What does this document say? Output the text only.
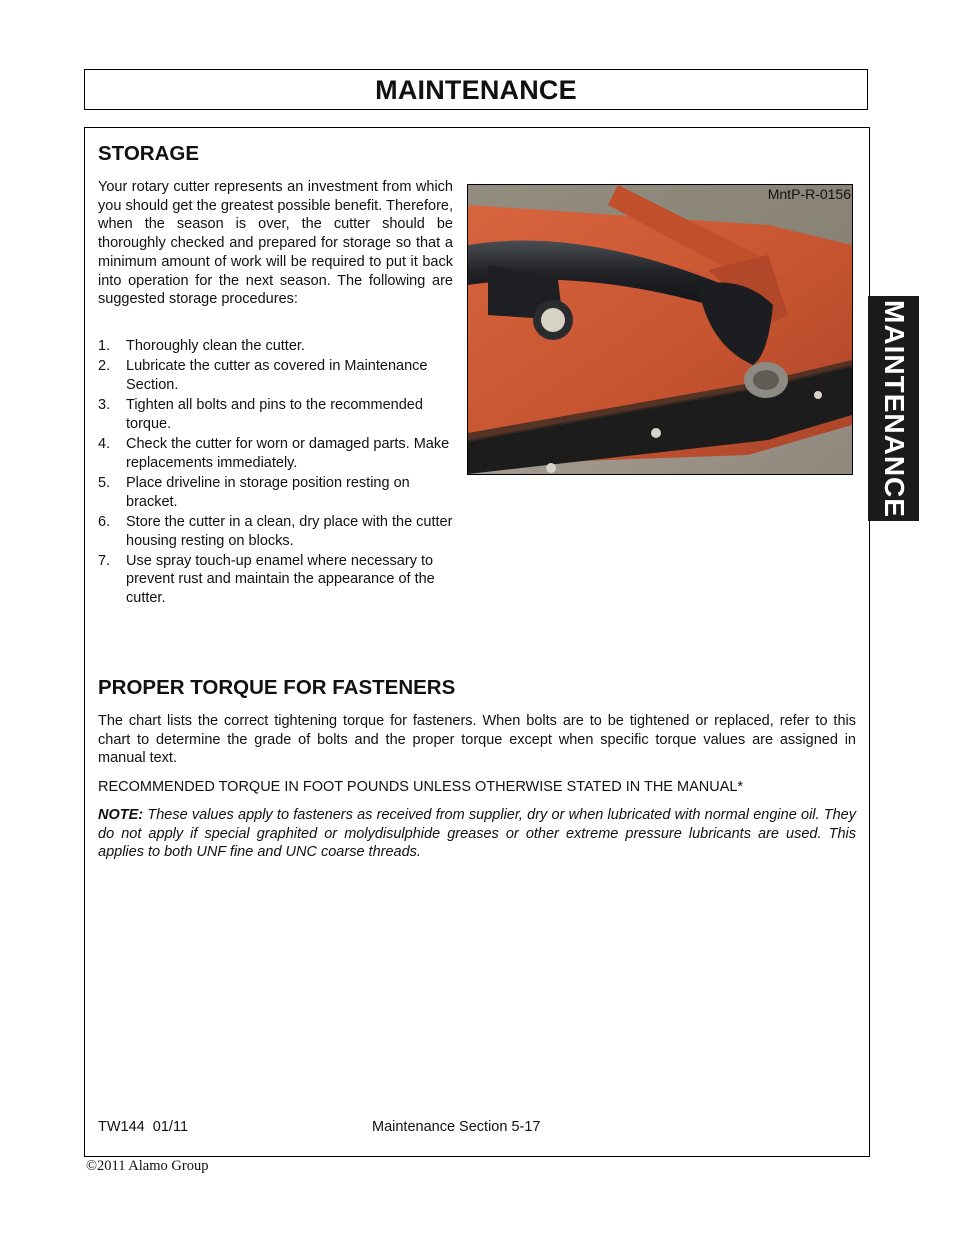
MAINTENANCE
MAINTENANCE
STORAGE

Your rotary cutter represents an investment from which you should get the greatest possible benefit. Therefore, when the season is over, the cutter should be thoroughly checked and prepared for storage so that a minimum amount of work will be required to put it back into operation for the next season. The following are suggested storage procedures:

1. Thoroughly clean the cutter.
2. Lubricate the cutter as covered in Maintenance Section.
3. Tighten all bolts and pins to the recommended torque.
4. Check the cutter for worn or damaged parts. Make replacements immediately.
5. Place driveline in storage position resting on bracket.
6. Store the cutter in a clean, dry place with the cutter housing resting on blocks.
7. Use spray touch-up enamel where necessary to prevent rust and maintain the appearance of the cutter.
MntP-R-0156
PROPER TORQUE FOR FASTENERS

The chart lists the correct tightening torque for fasteners. When bolts are to be tightened or replaced, refer to this chart to determine the grade of bolts and the proper torque except when specific torque values are assigned in manual text.

RECOMMENDED TORQUE IN FOOT POUNDS UNLESS OTHERWISE STATED IN THE MANUAL*

NOTE: These values apply to fasteners as received from supplier, dry or when lubricated with normal engine oil. They do not apply if special graphited or molydisulphide greases or other extreme pressure lubricants are used. This applies to both UNF fine and UNC coarse threads.

TW144  01/11	Maintenance Section 5-17
©2011 Alamo Group
